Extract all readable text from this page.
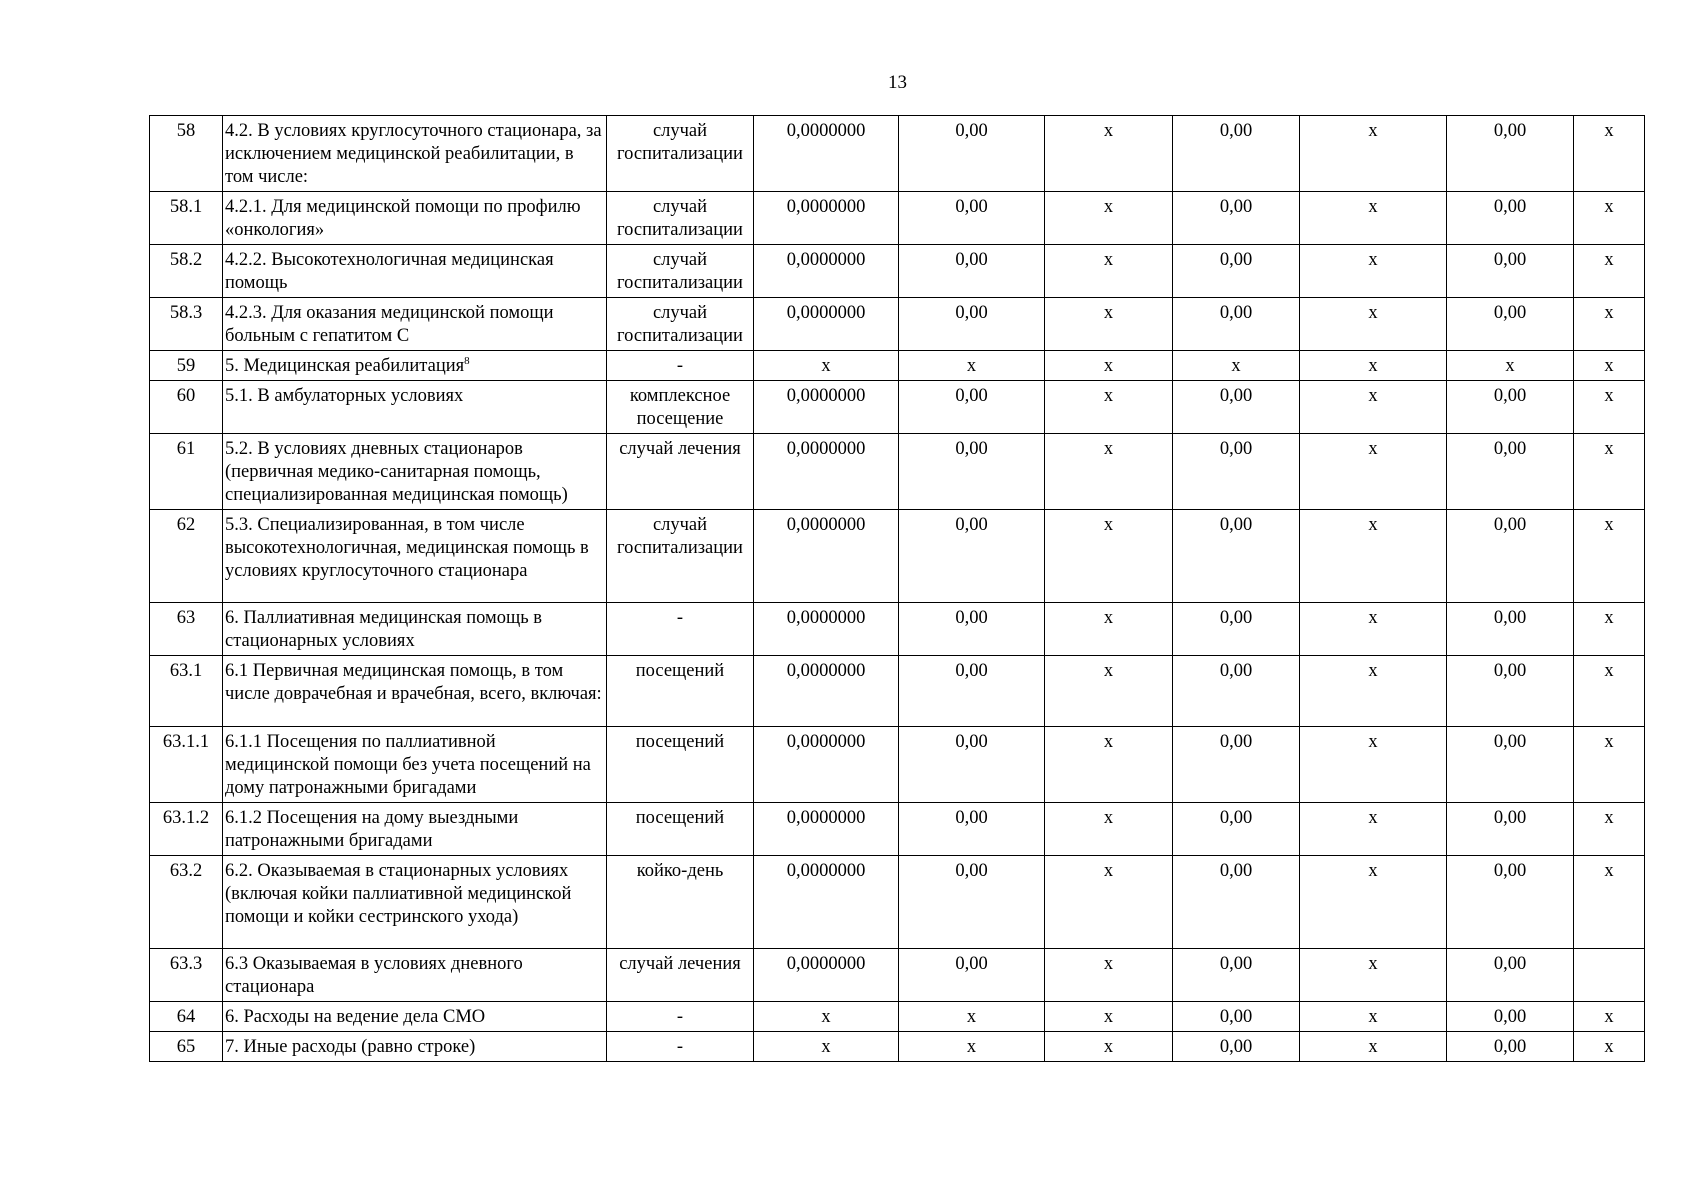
13
58	4.2. В условиях круглосуточного стационара, за исключением медицинской реабилитации, в том числе:	случай госпитализации	0,0000000	0,00	х	0,00	х	0,00	х
58.1	4.2.1. Для медицинской помощи по профилю «онкология»	случай госпитализации	0,0000000	0,00	х	0,00	х	0,00	х
58.2	4.2.2. Высокотехнологичная медицинская помощь	случай госпитализации	0,0000000	0,00	х	0,00	х	0,00	х
58.3	4.2.3. Для оказания медицинской помощи больным с гепатитом С	случай госпитализации	0,0000000	0,00	х	0,00	х	0,00	х
59	5. Медицинская реабилитация$^8$	-	х	х	х	х	х	х	х
60	5.1. В амбулаторных условиях	комплексное посещение	0,0000000	0,00	х	0,00	х	0,00	х
61	5.2. В условиях дневных стационаров (первичная медико-санитарная помощь, специализированная медицинская помощь)	случай лечения	0,0000000	0,00	х	0,00	х	0,00	х
62	5.3. Специализированная, в том числе высокотехнологичная, медицинская помощь в условиях круглосуточного стационара	случай госпитализации	0,0000000	0,00	х	0,00	х	0,00	х
63	6. Паллиативная медицинская помощь в стационарных условиях	-	0,0000000	0,00	х	0,00	х	0,00	х
63.1	6.1 Первичная медицинская помощь, в том числе доврачебная и врачебная, всего, включая:	посещений	0,0000000	0,00	х	0,00	х	0,00	х
63.1.1	6.1.1 Посещения по паллиативной медицинской помощи без учета посещений на дому патронажными бригадами	посещений	0,0000000	0,00	х	0,00	х	0,00	х
63.1.2	6.1.2 Посещения на дому выездными патронажными бригадами	посещений	0,0000000	0,00	х	0,00	х	0,00	х
63.2	6.2. Оказываемая в стационарных условиях (включая койки паллиативной медицинской помощи и койки сестринского ухода)	койко-день	0,0000000	0,00	х	0,00	х	0,00	х
63.3	6.3 Оказываемая в условиях дневного стационара	случай лечения	0,0000000	0,00	х	0,00	х	0,00	
64	6. Расходы на ведение дела СМО	-	х	х	х	0,00	х	0,00	х
65	7. Иные расходы (равно строке)	-	х	х	х	0,00	х	0,00	х
